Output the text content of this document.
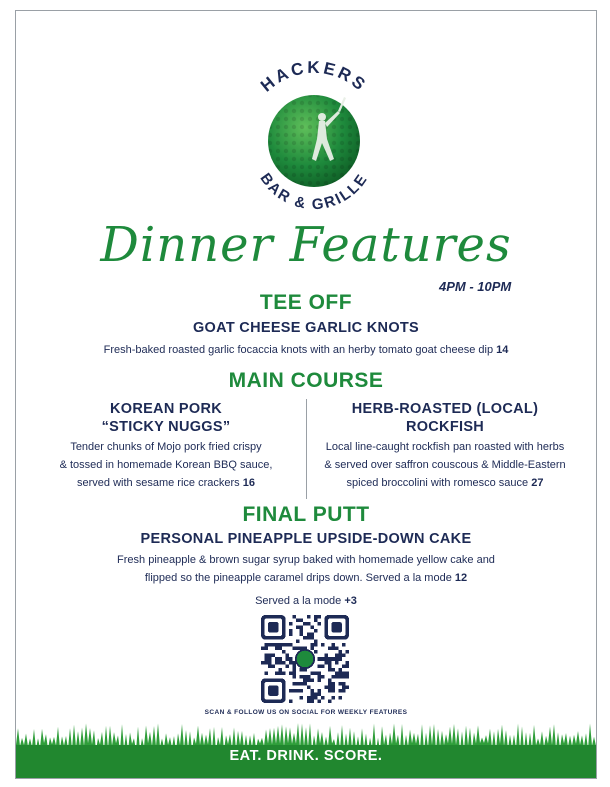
HACKERS
BAR & GRILLE
Dinner Features
4PM - 10PM
TEE OFF
GOAT CHEESE GARLIC KNOTS
Fresh-baked roasted garlic focaccia knots with an herby tomato goat cheese dip 14
MAIN COURSE
KOREAN PORK
“STICKY NUGGS”
Tender chunks of Mojo pork fried crispy
& tossed in homemade Korean BBQ sauce,
served with sesame rice crackers 16
HERB-ROASTED (LOCAL)
ROCKFISH
Local line-caught rockfish pan roasted with herbs
& served over saffron couscous & Middle-Eastern
spiced broccolini with romesco sauce 27
FINAL PUTT
PERSONAL PINEAPPLE UPSIDE-DOWN CAKE
Fresh pineapple & brown sugar syrup baked with homemade yellow cake and
flipped so the pineapple caramel drips down. Served a la mode 12
Served a la mode +3
SCAN & FOLLOW US ON SOCIAL FOR WEEKLY FEATURES
EAT. DRINK. SCORE.
